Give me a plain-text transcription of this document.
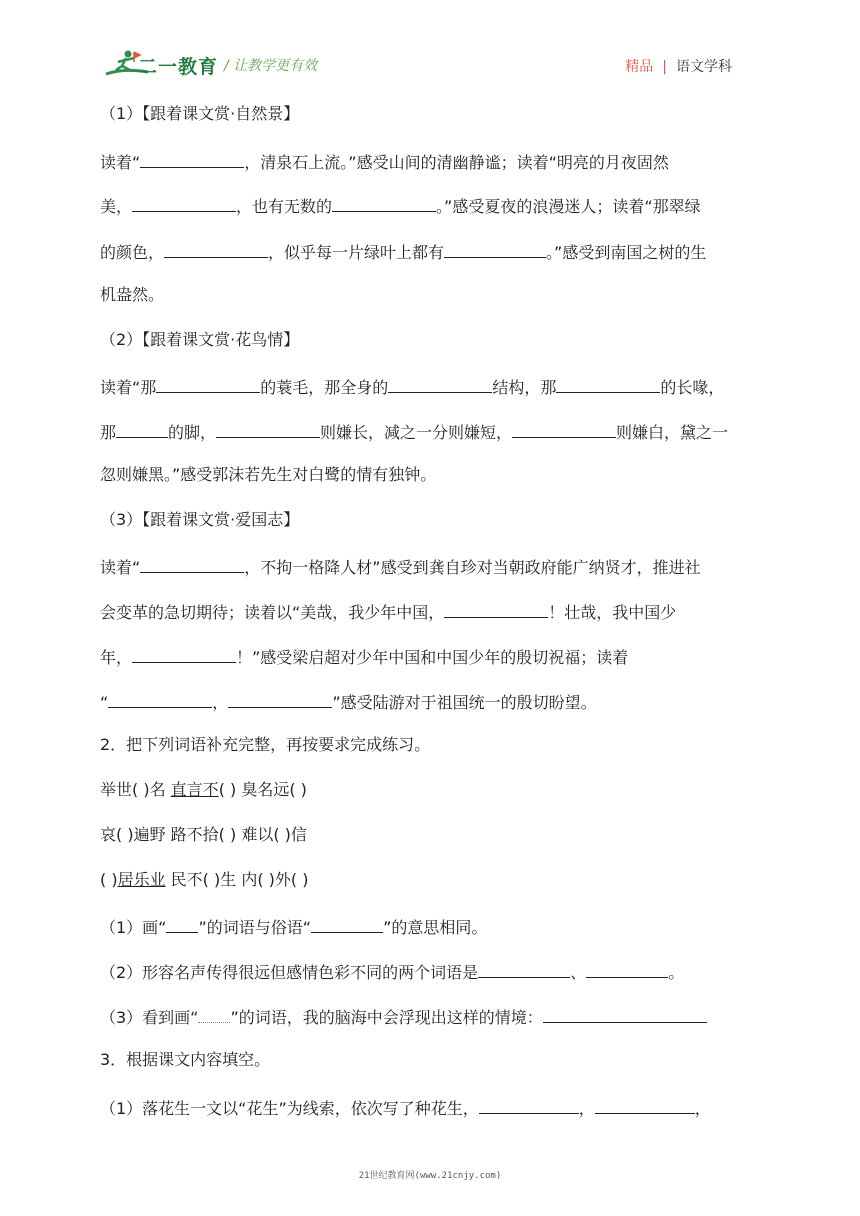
二一教育 / 让教学更有效	精品 | 语文学科
（1）【跟着课文赏·自然景】
读着“	，清泉石上流。”感受山间的清幽静谧；读着“明亮的月夜固然
美，	，也有无数的	。”感受夏夜的浪漫迷人；读着“那翠绿
的颜色，	，似乎每一片绿叶上都有	。”感受到南国之树的生
机盎然。
（2）【跟着课文赏·花鸟情】
读着“那	的蓑毛，那全身的	结构，那	的长喙，
那	的脚，	则嫌长，减之一分则嫌短，	则嫌白，黛之一
忽则嫌黑。”感受郭沫若先生对白鹭的情有独钟。
（3）【跟着课文赏·爱国志】
读着“	，不拘一格降人材”感受到龚自珍对当朝政府能广纳贤才，推进社
会变革的急切期待；读着以“美哉，我少年中国，	！壮哉，我中国少
年，	！”感受梁启超对少年中国和中国少年的殷切祝福；读着
“	，	”感受陆游对于祖国统一的殷切盼望。
2．把下列词语补充完整，再按要求完成练习。
举世( )名 直言不( ) 臭名远( )
哀( )遍野 路不拾( ) 难以( )信
( )居乐业 民不( )生 内( )外( )
（1）画“ ”的词语与俗语“	”的意思相同。
（2）形容名声传得很远但感情色彩不同的两个词语是	、	。
（3）看到画“ ”的词语，我的脑海中会浮现出这样的情境：
3．根据课文内容填空。
（1）落花生一文以“花生”为线索，依次写了种花生，	，	，
21世纪教育网(www.21cnjy.com)
